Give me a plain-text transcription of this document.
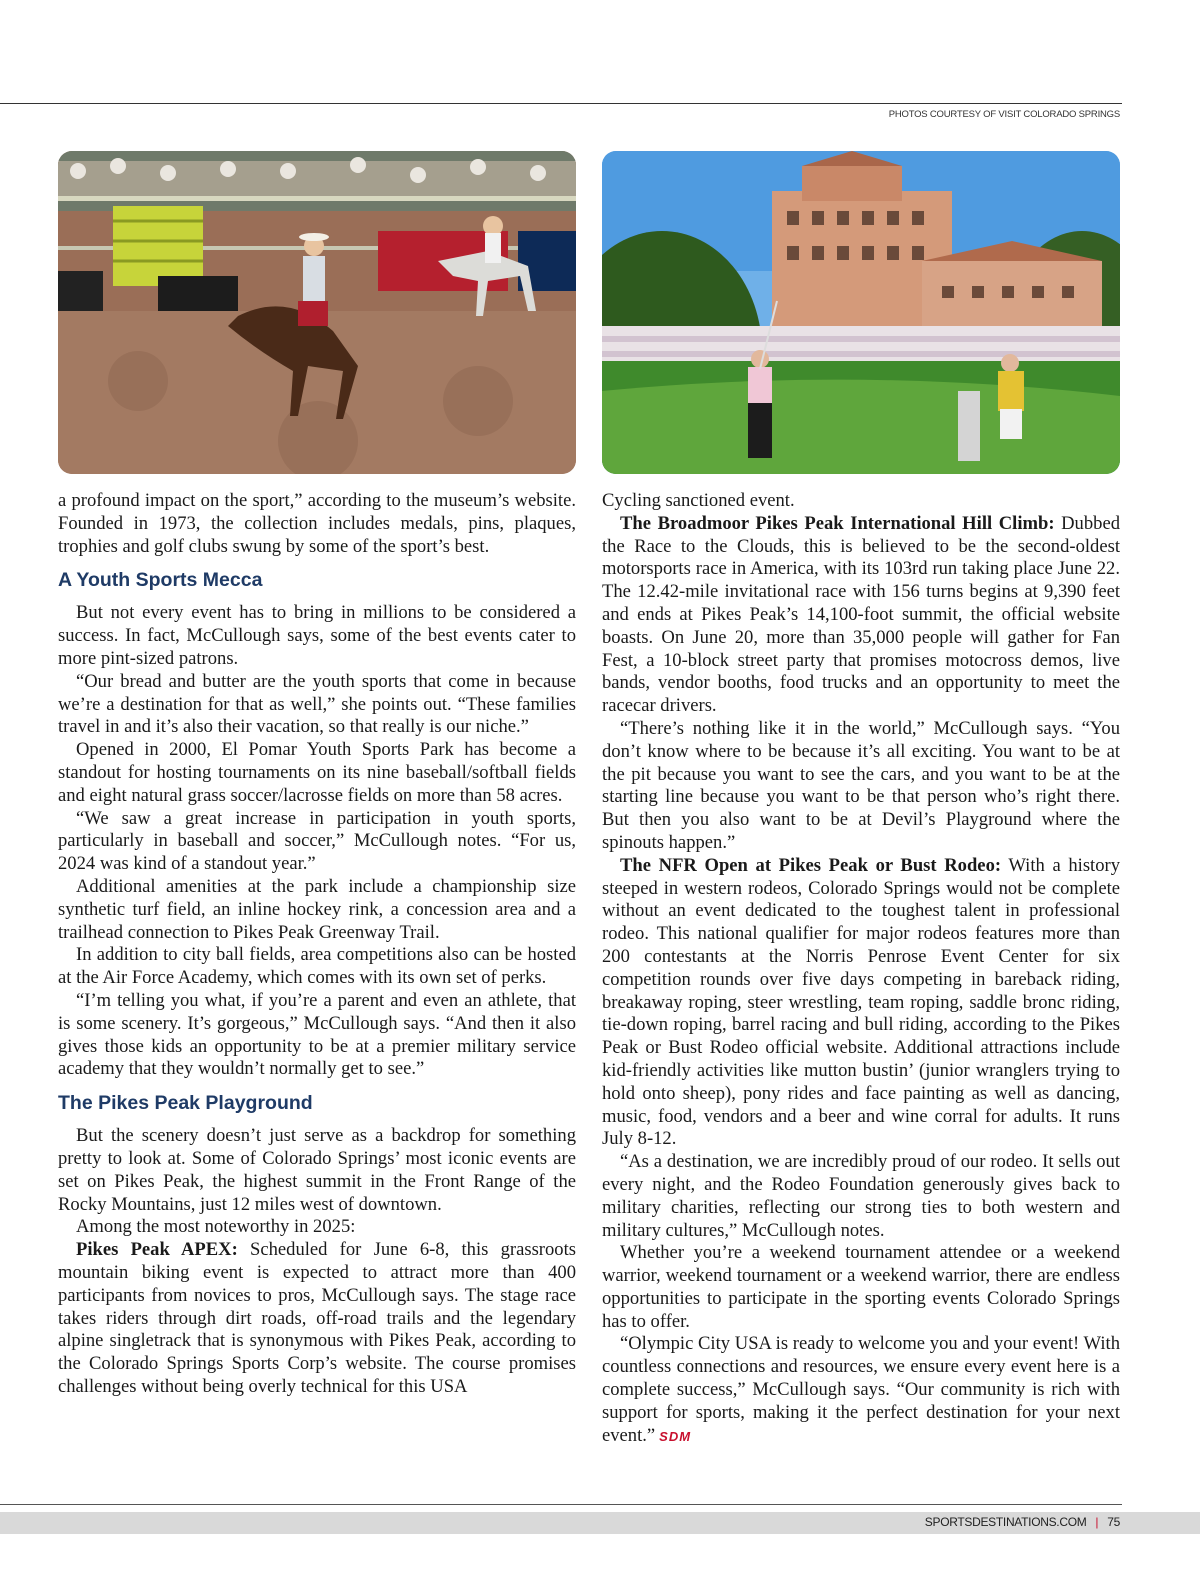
PHOTOS COURTESY OF VISIT COLORADO SPRINGS

a profound impact on the sport,” according to the museum’s website. Founded in 1973, the collection includes medals, pins, plaques, trophies and golf clubs swung by some of the sport’s best.

A Youth Sports Mecca

But not every event has to bring in millions to be considered a success. In fact, McCullough says, some of the best events cater to more pint-sized patrons.

“Our bread and butter are the youth sports that come in because we’re a destination for that as well,” she points out. “These families travel in and it’s also their vacation, so that really is our niche.”

Opened in 2000, El Pomar Youth Sports Park has become a standout for hosting tournaments on its nine baseball/softball fields and eight natural grass soccer/lacrosse fields on more than 58 acres.

“We saw a great increase in participation in youth sports, particularly in baseball and soccer,” McCullough notes. “For us, 2024 was kind of a standout year.”

Additional amenities at the park include a championship size synthetic turf field, an inline hockey rink, a concession area and a trailhead connection to Pikes Peak Greenway Trail.

In addition to city ball fields, area competitions also can be hosted at the Air Force Academy, which comes with its own set of perks.

“I’m telling you what, if you’re a parent and even an athlete, that is some scenery. It’s gorgeous,” McCullough says. “And then it also gives those kids an opportunity to be at a premier military service academy that they wouldn’t normally get to see.”

The Pikes Peak Playground

But the scenery doesn’t just serve as a backdrop for something pretty to look at. Some of Colorado Springs’ most iconic events are set on Pikes Peak, the highest summit in the Front Range of the Rocky Mountains, just 12 miles west of downtown.

Among the most noteworthy in 2025:

Pikes Peak APEX: Scheduled for June 6-8, this grassroots mountain biking event is expected to attract more than 400 participants from novices to pros, McCullough says. The stage race takes riders through dirt roads, off-road trails and the legendary alpine singletrack that is synonymous with Pikes Peak, according to the Colorado Springs Sports Corp’s website. The course promises challenges without being overly technical for this USA

Cycling sanctioned event.

The Broadmoor Pikes Peak International Hill Climb: Dubbed the Race to the Clouds, this is believed to be the second-oldest motorsports race in America, with its 103rd run taking place June 22. The 12.42-mile invitational race with 156 turns begins at 9,390 feet and ends at Pikes Peak’s 14,100-foot summit, the official website boasts. On June 20, more than 35,000 people will gather for Fan Fest, a 10-block street party that promises motocross demos, live bands, vendor booths, food trucks and an opportunity to meet the racecar drivers.

“There’s nothing like it in the world,” McCullough says. “You don’t know where to be because it’s all exciting. You want to be at the pit because you want to see the cars, and you want to be at the starting line because you want to be that person who’s right there. But then you also want to be at Devil’s Playground where the spinouts happen.”

The NFR Open at Pikes Peak or Bust Rodeo: With a history steeped in western rodeos, Colorado Springs would not be complete without an event dedicated to the toughest talent in professional rodeo. This national qualifier for major rodeos features more than 200 contestants at the Norris Penrose Event Center for six competition rounds over five days competing in bareback riding, breakaway roping, steer wrestling, team roping, saddle bronc riding, tie-down roping, barrel racing and bull riding, according to the Pikes Peak or Bust Rodeo official website. Additional attractions include kid-friendly activities like mutton bustin’ (junior wranglers trying to hold onto sheep), pony rides and face painting as well as dancing, music, food, vendors and a beer and wine corral for adults. It runs July 8-12.

“As a destination, we are incredibly proud of our rodeo. It sells out every night, and the Rodeo Foundation generously gives back to military charities, reflecting our strong ties to both western and military cultures,” McCullough notes.

Whether you’re a weekend tournament attendee or a weekend warrior, weekend tournament or a weekend warrior, there are endless opportunities to participate in the sporting events Colorado Springs has to offer.

“Olympic City USA is ready to welcome you and your event! With countless connections and resources, we ensure every event here is a complete success,” McCullough says. “Our community is rich with support for sports, making it the perfect destination for your next event.” SDM

SPORTSDESTINATIONS.COM | 75
